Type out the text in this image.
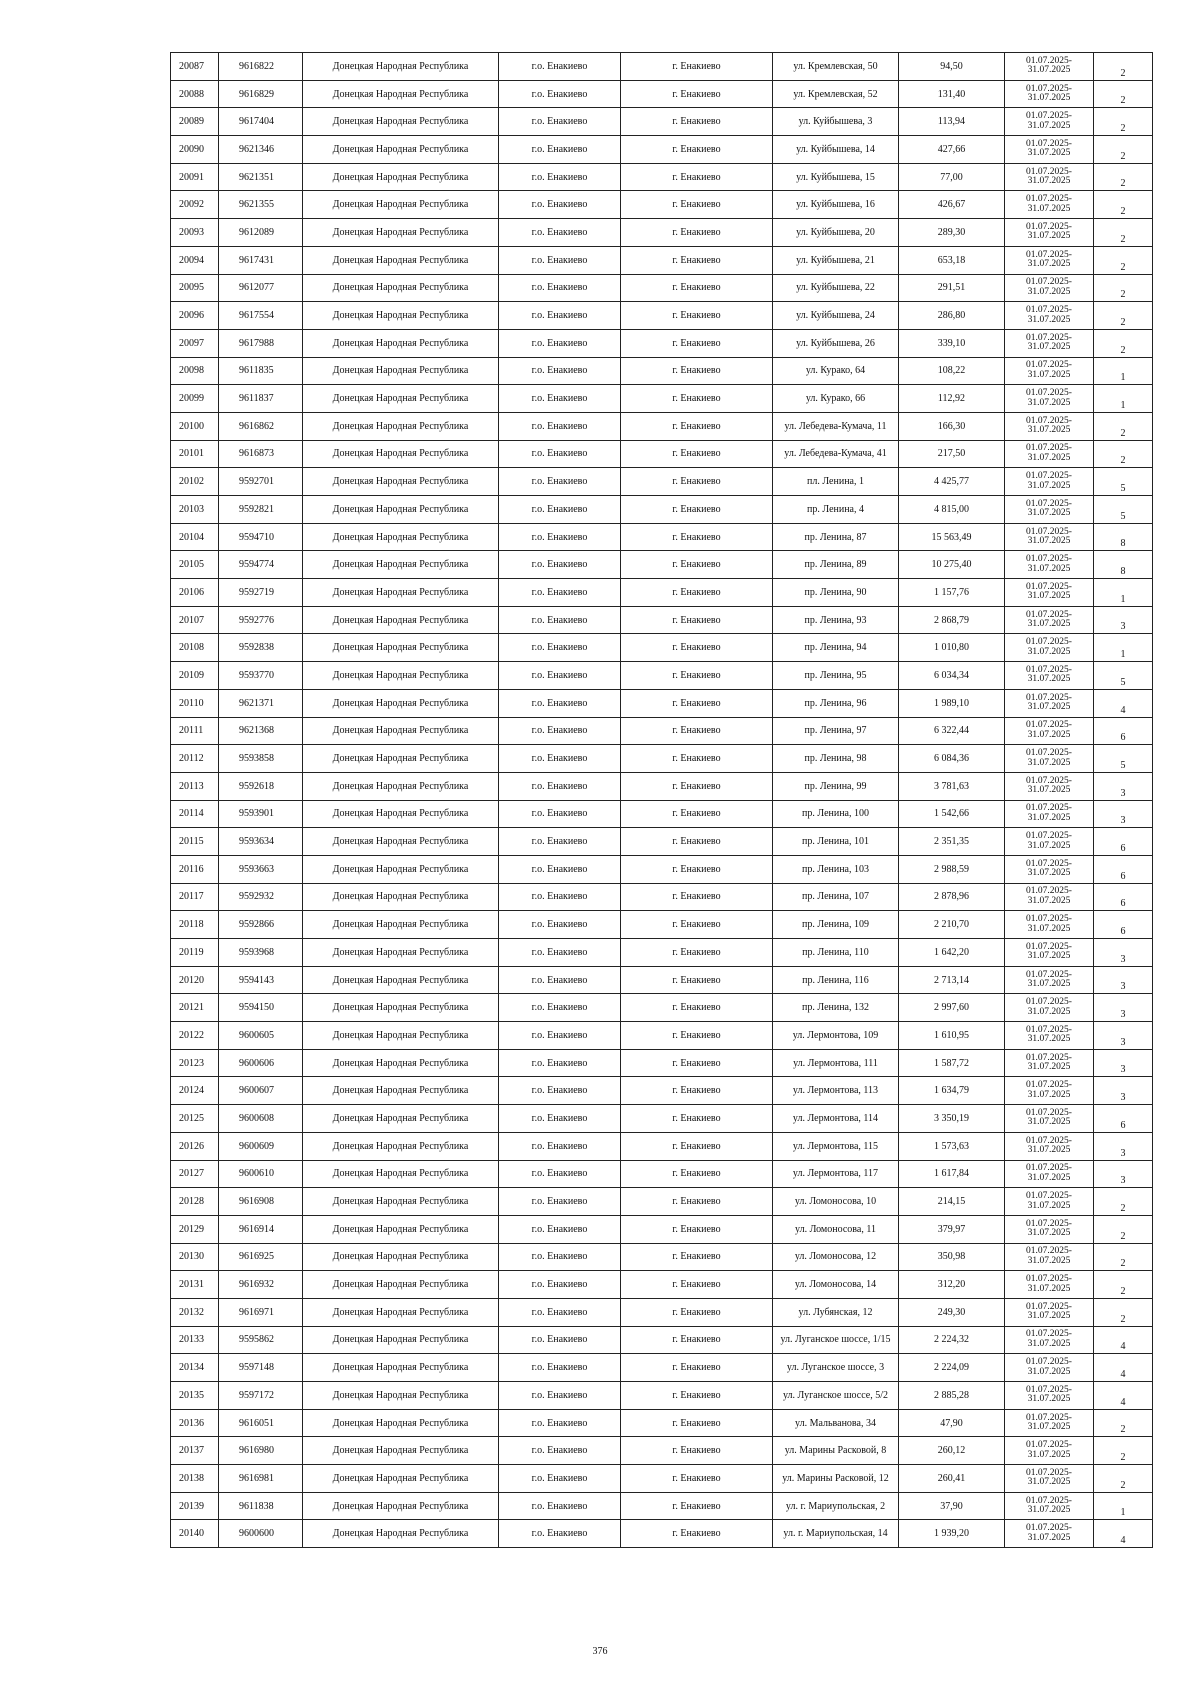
20087	9616822	Донецкая Народная Республика	г.о. Енакиево	г. Енакиево	ул. Кремлевская, 50	94,50	01.07.2025-31.07.2025	2
20088	9616829	Донецкая Народная Республика	г.о. Енакиево	г. Енакиево	ул. Кремлевская, 52	131,40	01.07.2025-31.07.2025	2
20089	9617404	Донецкая Народная Республика	г.о. Енакиево	г. Енакиево	ул. Куйбышева, 3	113,94	01.07.2025-31.07.2025	2
20090	9621346	Донецкая Народная Республика	г.о. Енакиево	г. Енакиево	ул. Куйбышева, 14	427,66	01.07.2025-31.07.2025	2
20091	9621351	Донецкая Народная Республика	г.о. Енакиево	г. Енакиево	ул. Куйбышева, 15	77,00	01.07.2025-31.07.2025	2
20092	9621355	Донецкая Народная Республика	г.о. Енакиево	г. Енакиево	ул. Куйбышева, 16	426,67	01.07.2025-31.07.2025	2
20093	9612089	Донецкая Народная Республика	г.о. Енакиево	г. Енакиево	ул. Куйбышева, 20	289,30	01.07.2025-31.07.2025	2
20094	9617431	Донецкая Народная Республика	г.о. Енакиево	г. Енакиево	ул. Куйбышева, 21	653,18	01.07.2025-31.07.2025	2
20095	9612077	Донецкая Народная Республика	г.о. Енакиево	г. Енакиево	ул. Куйбышева, 22	291,51	01.07.2025-31.07.2025	2
20096	9617554	Донецкая Народная Республика	г.о. Енакиево	г. Енакиево	ул. Куйбышева, 24	286,80	01.07.2025-31.07.2025	2
20097	9617988	Донецкая Народная Республика	г.о. Енакиево	г. Енакиево	ул. Куйбышева, 26	339,10	01.07.2025-31.07.2025	2
20098	9611835	Донецкая Народная Республика	г.о. Енакиево	г. Енакиево	ул. Курако, 64	108,22	01.07.2025-31.07.2025	1
20099	9611837	Донецкая Народная Республика	г.о. Енакиево	г. Енакиево	ул. Курако, 66	112,92	01.07.2025-31.07.2025	1
20100	9616862	Донецкая Народная Республика	г.о. Енакиево	г. Енакиево	ул. Лебедева-Кумача, 11	166,30	01.07.2025-31.07.2025	2
20101	9616873	Донецкая Народная Республика	г.о. Енакиево	г. Енакиево	ул. Лебедева-Кумача, 41	217,50	01.07.2025-31.07.2025	2
20102	9592701	Донецкая Народная Республика	г.о. Енакиево	г. Енакиево	пл. Ленина, 1	4 425,77	01.07.2025-31.07.2025	5
20103	9592821	Донецкая Народная Республика	г.о. Енакиево	г. Енакиево	пр. Ленина, 4	4 815,00	01.07.2025-31.07.2025	5
20104	9594710	Донецкая Народная Республика	г.о. Енакиево	г. Енакиево	пр. Ленина, 87	15 563,49	01.07.2025-31.07.2025	8
20105	9594774	Донецкая Народная Республика	г.о. Енакиево	г. Енакиево	пр. Ленина, 89	10 275,40	01.07.2025-31.07.2025	8
20106	9592719	Донецкая Народная Республика	г.о. Енакиево	г. Енакиево	пр. Ленина, 90	1 157,76	01.07.2025-31.07.2025	1
20107	9592776	Донецкая Народная Республика	г.о. Енакиево	г. Енакиево	пр. Ленина, 93	2 868,79	01.07.2025-31.07.2025	3
20108	9592838	Донецкая Народная Республика	г.о. Енакиево	г. Енакиево	пр. Ленина, 94	1 010,80	01.07.2025-31.07.2025	1
20109	9593770	Донецкая Народная Республика	г.о. Енакиево	г. Енакиево	пр. Ленина, 95	6 034,34	01.07.2025-31.07.2025	5
20110	9621371	Донецкая Народная Республика	г.о. Енакиево	г. Енакиево	пр. Ленина, 96	1 989,10	01.07.2025-31.07.2025	4
20111	9621368	Донецкая Народная Республика	г.о. Енакиево	г. Енакиево	пр. Ленина, 97	6 322,44	01.07.2025-31.07.2025	6
20112	9593858	Донецкая Народная Республика	г.о. Енакиево	г. Енакиево	пр. Ленина, 98	6 084,36	01.07.2025-31.07.2025	5
20113	9592618	Донецкая Народная Республика	г.о. Енакиево	г. Енакиево	пр. Ленина, 99	3 781,63	01.07.2025-31.07.2025	3
20114	9593901	Донецкая Народная Республика	г.о. Енакиево	г. Енакиево	пр. Ленина, 100	1 542,66	01.07.2025-31.07.2025	3
20115	9593634	Донецкая Народная Республика	г.о. Енакиево	г. Енакиево	пр. Ленина, 101	2 351,35	01.07.2025-31.07.2025	6
20116	9593663	Донецкая Народная Республика	г.о. Енакиево	г. Енакиево	пр. Ленина, 103	2 988,59	01.07.2025-31.07.2025	6
20117	9592932	Донецкая Народная Республика	г.о. Енакиево	г. Енакиево	пр. Ленина, 107	2 878,96	01.07.2025-31.07.2025	6
20118	9592866	Донецкая Народная Республика	г.о. Енакиево	г. Енакиево	пр. Ленина, 109	2 210,70	01.07.2025-31.07.2025	6
20119	9593968	Донецкая Народная Республика	г.о. Енакиево	г. Енакиево	пр. Ленина, 110	1 642,20	01.07.2025-31.07.2025	3
20120	9594143	Донецкая Народная Республика	г.о. Енакиево	г. Енакиево	пр. Ленина, 116	2 713,14	01.07.2025-31.07.2025	3
20121	9594150	Донецкая Народная Республика	г.о. Енакиево	г. Енакиево	пр. Ленина, 132	2 997,60	01.07.2025-31.07.2025	3
20122	9600605	Донецкая Народная Республика	г.о. Енакиево	г. Енакиево	ул. Лермонтова, 109	1 610,95	01.07.2025-31.07.2025	3
20123	9600606	Донецкая Народная Республика	г.о. Енакиево	г. Енакиево	ул. Лермонтова, 111	1 587,72	01.07.2025-31.07.2025	3
20124	9600607	Донецкая Народная Республика	г.о. Енакиево	г. Енакиево	ул. Лермонтова, 113	1 634,79	01.07.2025-31.07.2025	3
20125	9600608	Донецкая Народная Республика	г.о. Енакиево	г. Енакиево	ул. Лермонтова, 114	3 350,19	01.07.2025-31.07.2025	6
20126	9600609	Донецкая Народная Республика	г.о. Енакиево	г. Енакиево	ул. Лермонтова, 115	1 573,63	01.07.2025-31.07.2025	3
20127	9600610	Донецкая Народная Республика	г.о. Енакиево	г. Енакиево	ул. Лермонтова, 117	1 617,84	01.07.2025-31.07.2025	3
20128	9616908	Донецкая Народная Республика	г.о. Енакиево	г. Енакиево	ул. Ломоносова, 10	214,15	01.07.2025-31.07.2025	2
20129	9616914	Донецкая Народная Республика	г.о. Енакиево	г. Енакиево	ул. Ломоносова, 11	379,97	01.07.2025-31.07.2025	2
20130	9616925	Донецкая Народная Республика	г.о. Енакиево	г. Енакиево	ул. Ломоносова, 12	350,98	01.07.2025-31.07.2025	2
20131	9616932	Донецкая Народная Республика	г.о. Енакиево	г. Енакиево	ул. Ломоносова, 14	312,20	01.07.2025-31.07.2025	2
20132	9616971	Донецкая Народная Республика	г.о. Енакиево	г. Енакиево	ул. Лубянская, 12	249,30	01.07.2025-31.07.2025	2
20133	9595862	Донецкая Народная Республика	г.о. Енакиево	г. Енакиево	ул. Луганское шоссе, 1/15	2 224,32	01.07.2025-31.07.2025	4
20134	9597148	Донецкая Народная Республика	г.о. Енакиево	г. Енакиево	ул. Луганское шоссе, 3	2 224,09	01.07.2025-31.07.2025	4
20135	9597172	Донецкая Народная Республика	г.о. Енакиево	г. Енакиево	ул. Луганское шоссе, 5/2	2 885,28	01.07.2025-31.07.2025	4
20136	9616051	Донецкая Народная Республика	г.о. Енакиево	г. Енакиево	ул. Мальванова, 34	47,90	01.07.2025-31.07.2025	2
20137	9616980	Донецкая Народная Республика	г.о. Енакиево	г. Енакиево	ул. Марины Расковой, 8	260,12	01.07.2025-31.07.2025	2
20138	9616981	Донецкая Народная Республика	г.о. Енакиево	г. Енакиево	ул. Марины Расковой, 12	260,41	01.07.2025-31.07.2025	2
20139	9611838	Донецкая Народная Республика	г.о. Енакиево	г. Енакиево	ул. г. Мариупольская, 2	37,90	01.07.2025-31.07.2025	1
20140	9600600	Донецкая Народная Республика	г.о. Енакиево	г. Енакиево	ул. г. Мариупольская, 14	1 939,20	01.07.2025-31.07.2025	4
376
